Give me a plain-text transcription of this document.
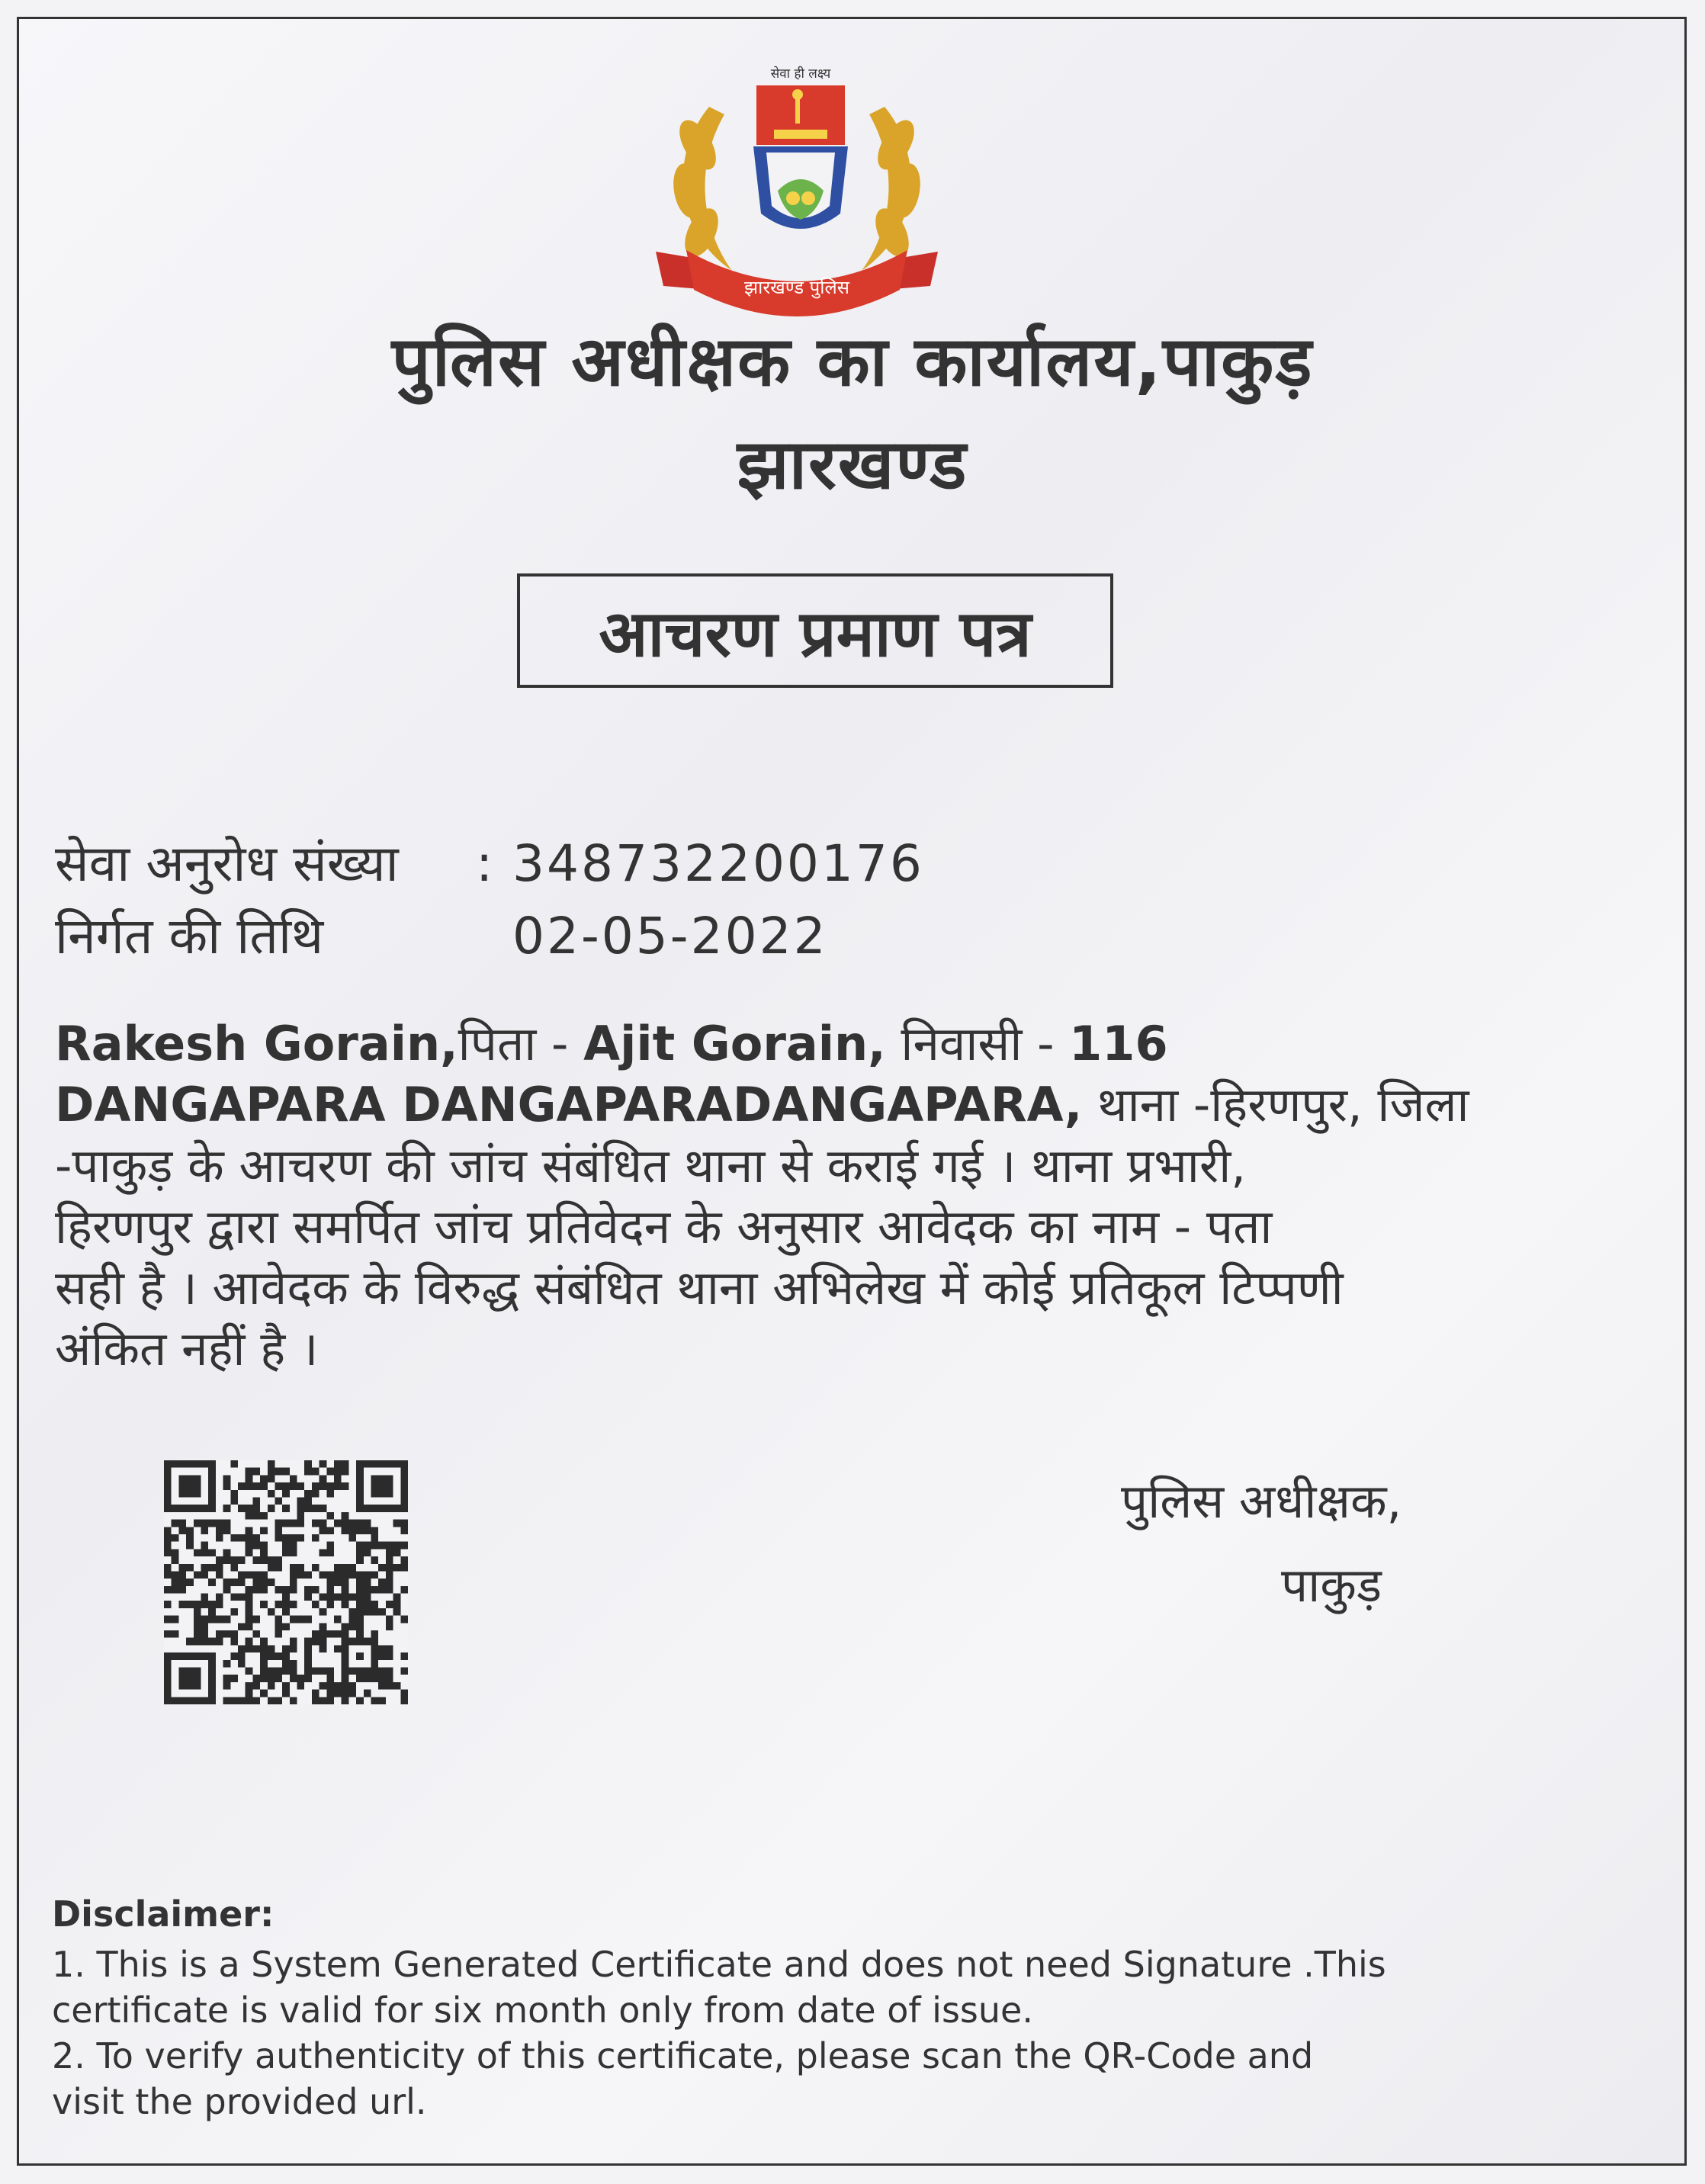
सेवा ही लक्ष्य
झारखण्ड पुलिस
पुलिस अधीक्षक का कार्यालय,पाकुड़
झारखण्ड
आचरण प्रमाण पत्र
सेवा अनुरोध संख्या : 348732200176
निर्गत की तिथि	02-05-2022
Rakesh Gorain,पिता - Ajit Gorain, निवासी - 116
DANGAPARA DANGAPARADANGAPARA, थाना -हिरणपुर, जिला
-पाकुड़ के आचरण की जांच संबंधित थाना से कराई गई । थाना प्रभारी,
हिरणपुर द्वारा समर्पित जांच प्रतिवेदन के अनुसार आवेदक का नाम - पता
सही है । आवेदक के विरुद्ध संबंधित थाना अभिलेख में कोई प्रतिकूल टिप्पणी
अंकित नहीं है ।
पुलिस अधीक्षक,
पाकुड़
Disclaimer:
1. This is a System Generated Certificate and does not need Signature .This
certificate is valid for six month only from date of issue.
2. To verify authenticity of this certificate, please scan the QR-Code and
visit the provided url.
